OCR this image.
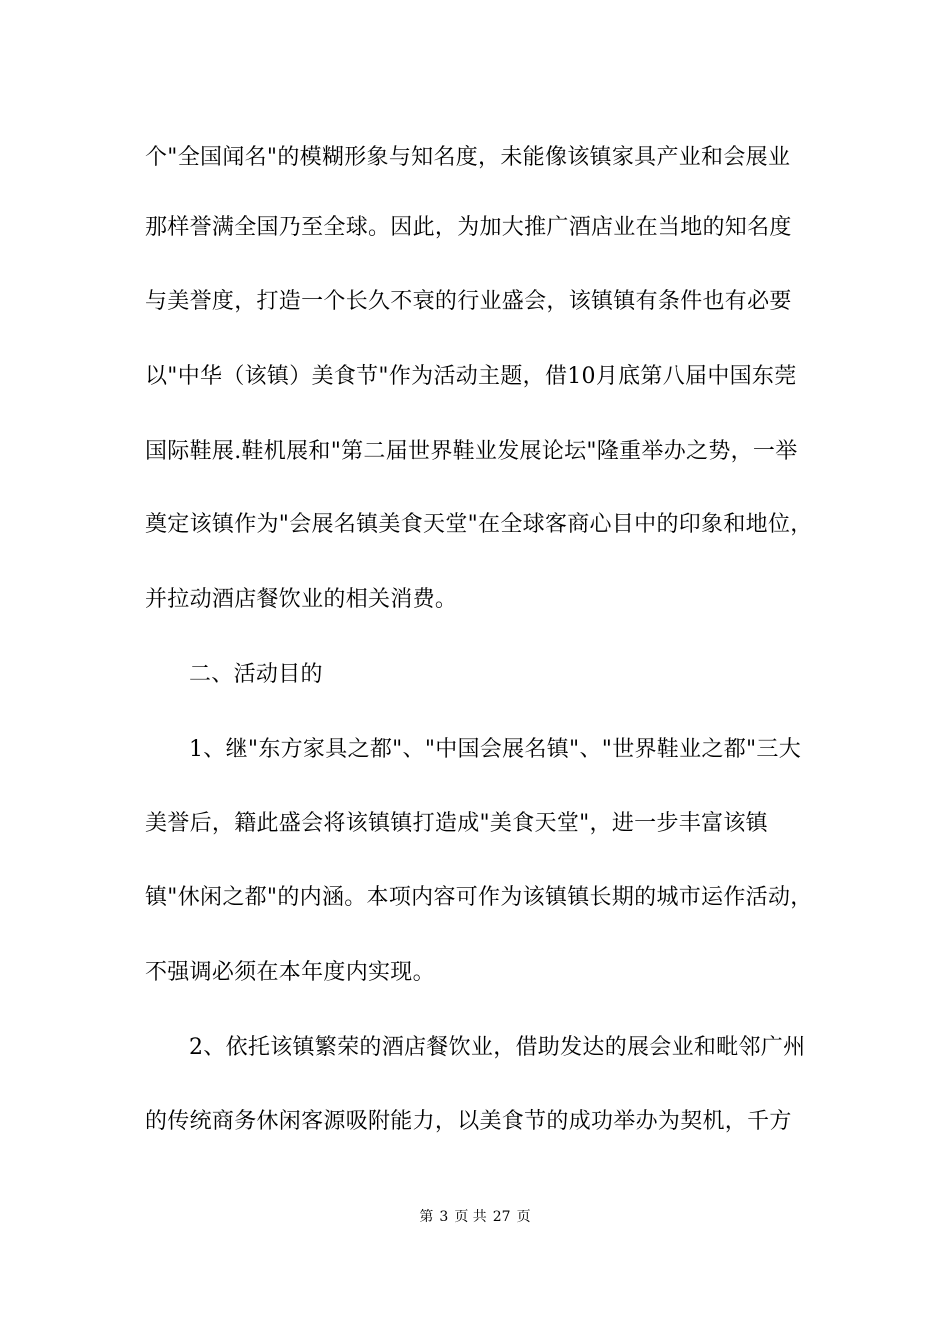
个"全国闻名"的模糊形象与知名度，未能像该镇家具产业和会展业
那样誉满全国乃至全球。因此，为加大推广酒店业在当地的知名度
与美誉度，打造一个长久不衰的行业盛会，该镇镇有条件也有必要
以"中华（该镇）美食节"作为活动主题，借10月底第八届中国东莞
国际鞋展.鞋机展和"第二届世界鞋业发展论坛"隆重举办之势，一举
奠定该镇作为"会展名镇美食天堂"在全球客商心目中的印象和地位，
并拉动酒店餐饮业的相关消费。
二、活动目的
1、继"东方家具之都"、"中国会展名镇"、"世界鞋业之都"三大
美誉后，籍此盛会将该镇镇打造成"美食天堂"，进一步丰富该镇
镇"休闲之都"的内涵。本项内容可作为该镇镇长期的城市运作活动，
不强调必须在本年度内实现。
2、依托该镇繁荣的酒店餐饮业，借助发达的展会业和毗邻广州
的传统商务休闲客源吸附能力，以美食节的成功举办为契机，千方
第 3 页 共 27 页
